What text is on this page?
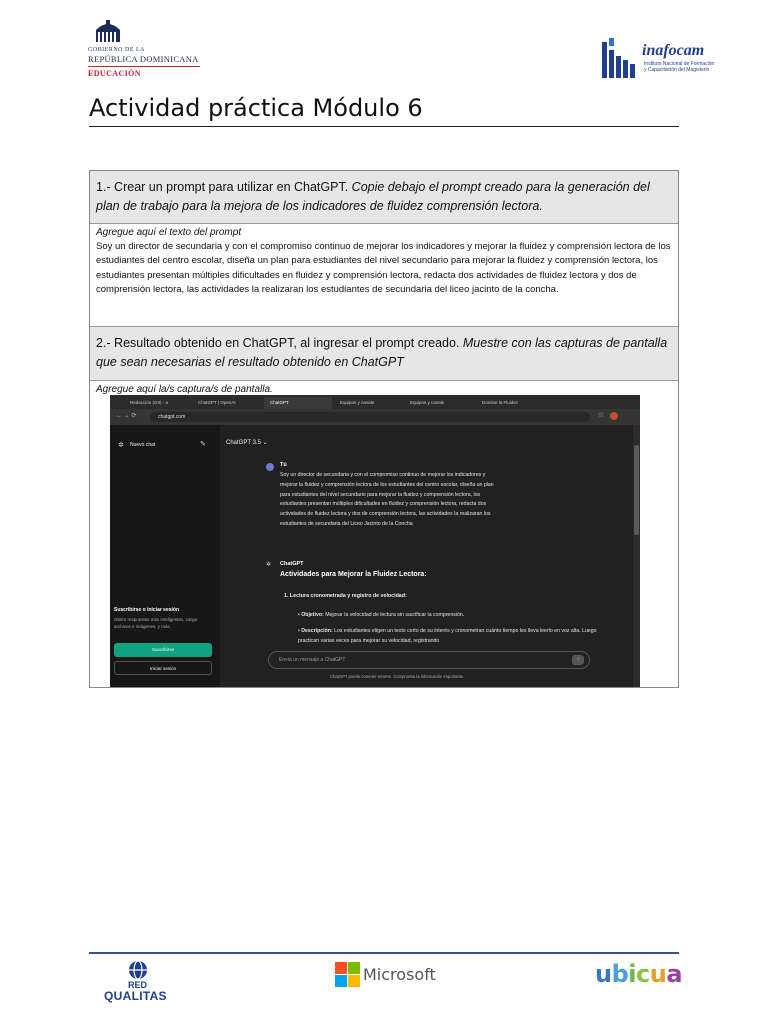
GOBIERNO DE LA
REPÚBLICA DOMINICANA
EDUCACIÓN
inafocam
Instituto Nacional de Formación
y Capacitación del Magisterio
Actividad práctica Módulo 6
1.- Crear un prompt para utilizar en ChatGPT. Copie debajo el prompt creado para la generación del plan de trabajo para la mejora de los indicadores de fluidez comprensión lectora.
Agregue aquí el texto del prompt
Soy un director de secundaria y con el compromiso continuo de mejorar los indicadores y mejorar la fluidez y comprensión lectora de los estudiantes del centro escolar, diseña un plan para estudiantes del nivel secundario para mejorar la fluidez y comprensión lectora, los estudiantes presentan múltiples dificultades en fluidez y comprensión lectora, redacta dos actividades de fluidez lectora y dos de comprensión lectora, las actividades la realizaran los estudiantes de secundaria del liceo jacinto de la concha.
2.- Resultado obtenido en ChatGPT, al ingresar el prompt creado. Muestre con las capturas de pantalla que sean necesarias el resultado obtenido en ChatGPT
Agregue aquí la/s captura/s de pantalla.
Redacción (GII) - a	ChatGPT | OpenAI	ChatGPT	Equipos y canale	Equipos y canale	Domine la Fluidez
← → ⟳	chatgpt.com	☆
✲ Nuevo chat	✎
Suscribirse o iniciar sesión
Obtén respuestas más inteligentes, carga archivos e imágenes, y más.
Suscribirse
Iniciar sesión
ChatGPT 3.5 ⌄
Tú
Soy un director de secundaria y con el compromiso continuo de mejorar los indicadores y mejorar la fluidez y comprensión lectora de los estudiantes del centro escolar, diseña un plan para estudiantes del nivel secundario para mejorar la fluidez y comprensión lectora, los estudiantes presentan múltiples dificultades en fluidez y comprensión lectora, redacta dos actividades de fluidez lectora y dos de comprensión lectora, las actividades la realizaran los estudiantes de secundaria del Liceo Jacinto de la Concha
✲ ChatGPT
Actividades para Mejorar la Fluidez Lectora:
1. Lectura cronometrada y registro de velocidad:
• Objetivo: Mejorar la velocidad de lectura sin sacrificar la comprensión.
• Descripción: Los estudiantes eligen un texto corto de su interés y cronometran cuánto tiempo les lleva leerlo en voz alta. Luego practican varias veces para mejorar su velocidad, registrando
Envía un mensaje a ChatGPT	↑
ChatGPT puede cometer errores. Comprueba la información importante.
RED
QUALITAS
Microsoft	ubicua
